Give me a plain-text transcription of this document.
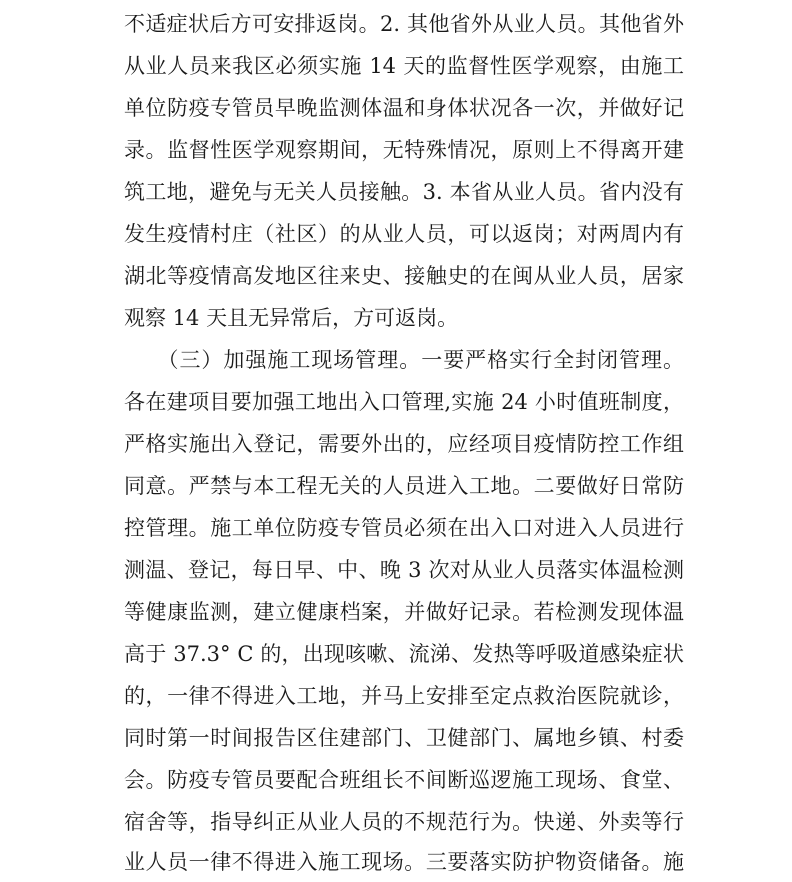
不适症状后方可安排返岗。2. 其他省外从业人员。其他省外
从业人员来我区必须实施 14 天的监督性医学观察，由施工
单位防疫专管员早晚监测体温和身体状况各一次，并做好记
录。监督性医学观察期间，无特殊情况，原则上不得离开建
筑工地，避免与无关人员接触。3. 本省从业人员。省内没有
发生疫情村庄（社区）的从业人员，可以返岗；对两周内有
湖北等疫情高发地区往来史、接触史的在闽从业人员，居家
观察 14 天且无异常后，方可返岗。
　　（三）加强施工现场管理。一要严格实行全封闭管理。
各在建项目要加强工地出入口管理,实施 24 小时值班制度，
严格实施出入登记，需要外出的，应经项目疫情防控工作组
同意。严禁与本工程无关的人员进入工地。二要做好日常防
控管理。施工单位防疫专管员必须在出入口对进入人员进行
测温、登记，每日早、中、晚 3 次对从业人员落实体温检测
等健康监测，建立健康档案，并做好记录。若检测发现体温
高于 37.3° C 的，出现咳嗽、流涕、发热等呼吸道感染症状
的，一律不得进入工地，并马上安排至定点救治医院就诊，
同时第一时间报告区住建部门、卫健部门、属地乡镇、村委
会。防疫专管员要配合班组长不间断巡逻施工现场、食堂、
宿舍等，指导纠正从业人员的不规范行为。快递、外卖等行
业人员一律不得进入施工现场。三要落实防护物资储备。施
